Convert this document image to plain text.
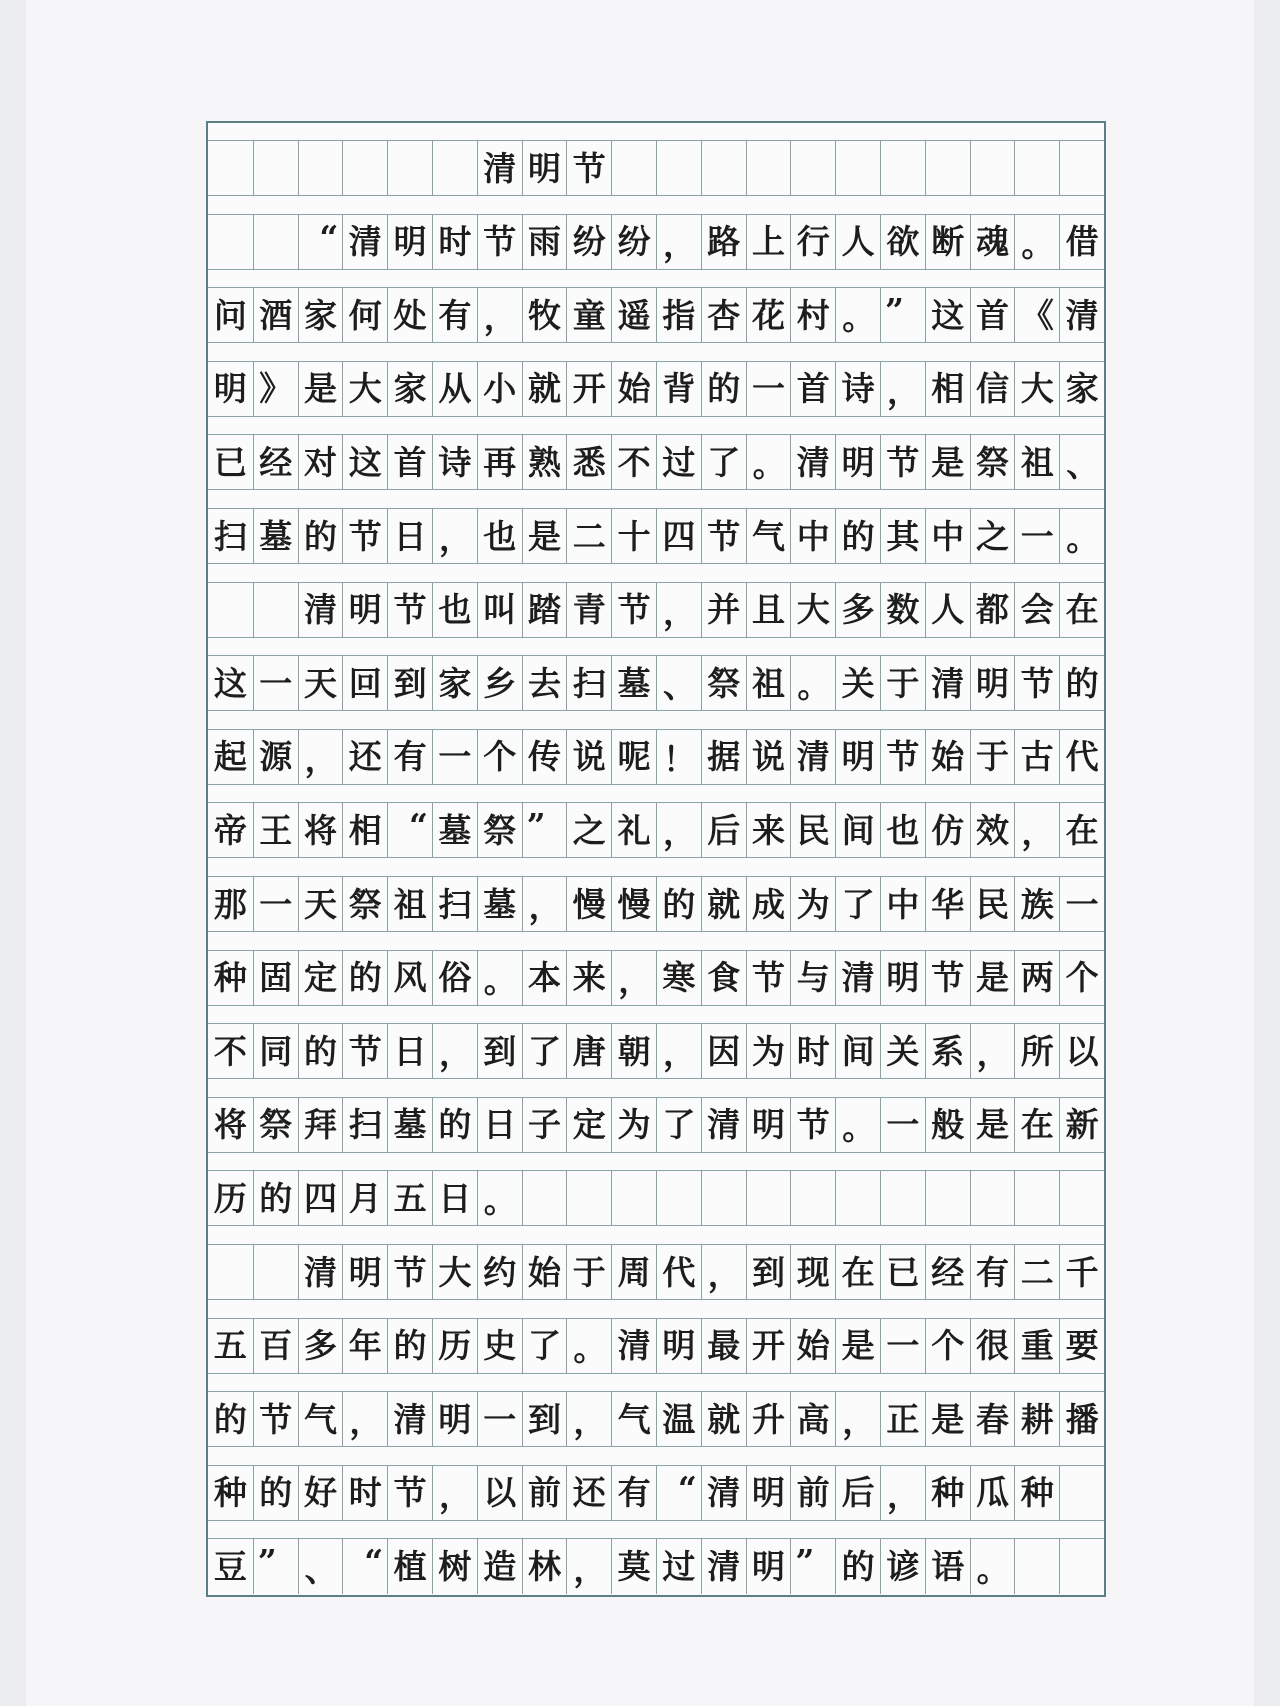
清 明 节
“ 清 明 时 节 雨 纷 纷 ， 路 上 行 人 欲 断 魂 。 借
问 酒 家 何 处 有 ， 牧 童 遥 指 杏 花 村 。 ” 这 首 《 清
明 》 是 大 家 从 小 就 开 始 背 的 一 首 诗 ， 相 信 大 家
已 经 对 这 首 诗 再 熟 悉 不 过 了 。 清 明 节 是 祭 祖 、
扫 墓 的 节 日 ， 也 是 二 十 四 节 气 中 的 其 中 之 一 。
清 明 节 也 叫 踏 青 节 ， 并 且 大 多 数 人 都 会 在
这 一 天 回 到 家 乡 去 扫 墓 、 祭 祖 。 关 于 清 明 节 的
起 源 ， 还 有 一 个 传 说 呢 ！ 据 说 清 明 节 始 于 古 代
帝 王 将 相 “ 墓 祭 ” 之 礼 ， 后 来 民 间 也 仿 效 ， 在
那 一 天 祭 祖 扫 墓 ， 慢 慢 的 就 成 为 了 中 华 民 族 一
种 固 定 的 风 俗 。 本 来 ， 寒 食 节 与 清 明 节 是 两 个
不 同 的 节 日 ， 到 了 唐 朝 ， 因 为 时 间 关 系 ， 所 以
将 祭 拜 扫 墓 的 日 子 定 为 了 清 明 节 。 一 般 是 在 新
历 的 四 月 五 日 。
清 明 节 大 约 始 于 周 代 ， 到 现 在 已 经 有 二 千
五 百 多 年 的 历 史 了 。 清 明 最 开 始 是 一 个 很 重 要
的 节 气 ， 清 明 一 到 ， 气 温 就 升 高 ， 正 是 春 耕 播
种 的 好 时 节 ， 以 前 还 有 “ 清 明 前 后 ， 种 瓜 种
豆 ” 、 “ 植 树 造 林 ， 莫 过 清 明 ” 的 谚 语 。
